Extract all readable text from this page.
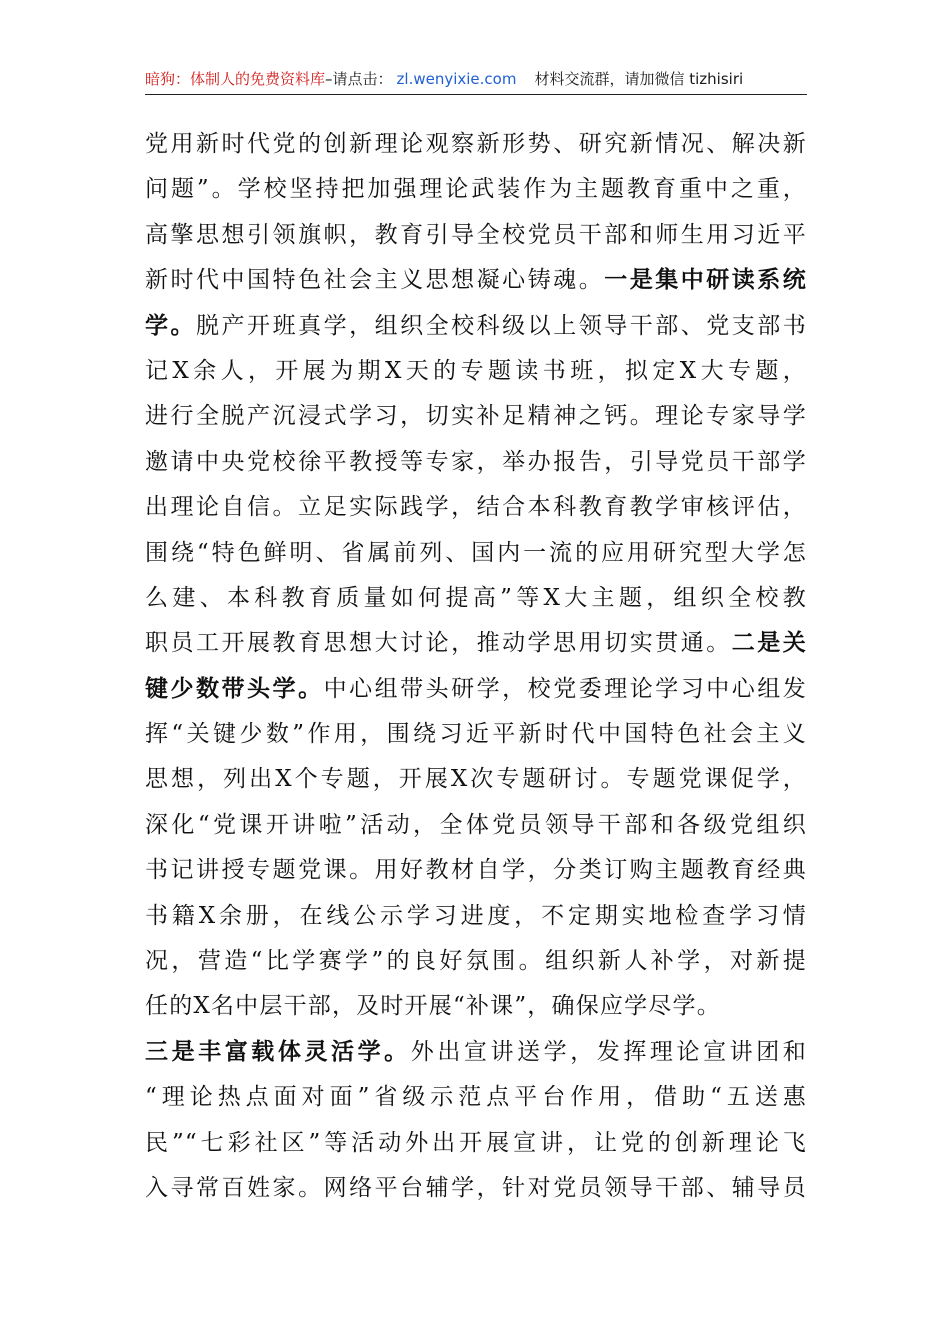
暗狗：体制人的免费资料库–请点击： zl.wenyixie.com 材料交流群，请加微信 tizhisiri
党用新时代党的创新理论观察新形势、研究新情况、解决新
问题”。学校坚持把加强理论武装作为主题教育重中之重，
高擎思想引领旗帜，教育引导全校党员干部和师生用习近平
新时代中国特色社会主义思想凝心铸魂。一是集中研读系统
学。脱产开班真学，组织全校科级以上领导干部、党支部书
记X余人，开展为期X天的专题读书班，拟定X大专题，
进行全脱产沉浸式学习，切实补足精神之钙。理论专家导学
邀请中央党校徐平教授等专家，举办报告，引导党员干部学
出理论自信。立足实际践学，结合本科教育教学审核评估，
围绕“特色鲜明、省属前列、国内一流的应用研究型大学怎
么建、本科教育质量如何提高”等X大主题，组织全校教
职员工开展教育思想大讨论，推动学思用切实贯通。二是关
键少数带头学。中心组带头研学，校党委理论学习中心组发
挥“关键少数”作用，围绕习近平新时代中国特色社会主义
思想，列出X个专题，开展X次专题研讨。专题党课促学，
深化“党课开讲啦”活动，全体党员领导干部和各级党组织
书记讲授专题党课。用好教材自学，分类订购主题教育经典
书籍X余册，在线公示学习进度，不定期实地检查学习情
况，营造“比学赛学”的良好氛围。组织新人补学，对新提
任的X名中层干部，及时开展“补课”，确保应学尽学。
三是丰富载体灵活学。外出宣讲送学，发挥理论宣讲团和
“理论热点面对面”省级示范点平台作用，借助“五送惠
民”“七彩社区”等活动外出开展宣讲，让党的创新理论飞
入寻常百姓家。网络平台辅学，针对党员领导干部、辅导员
